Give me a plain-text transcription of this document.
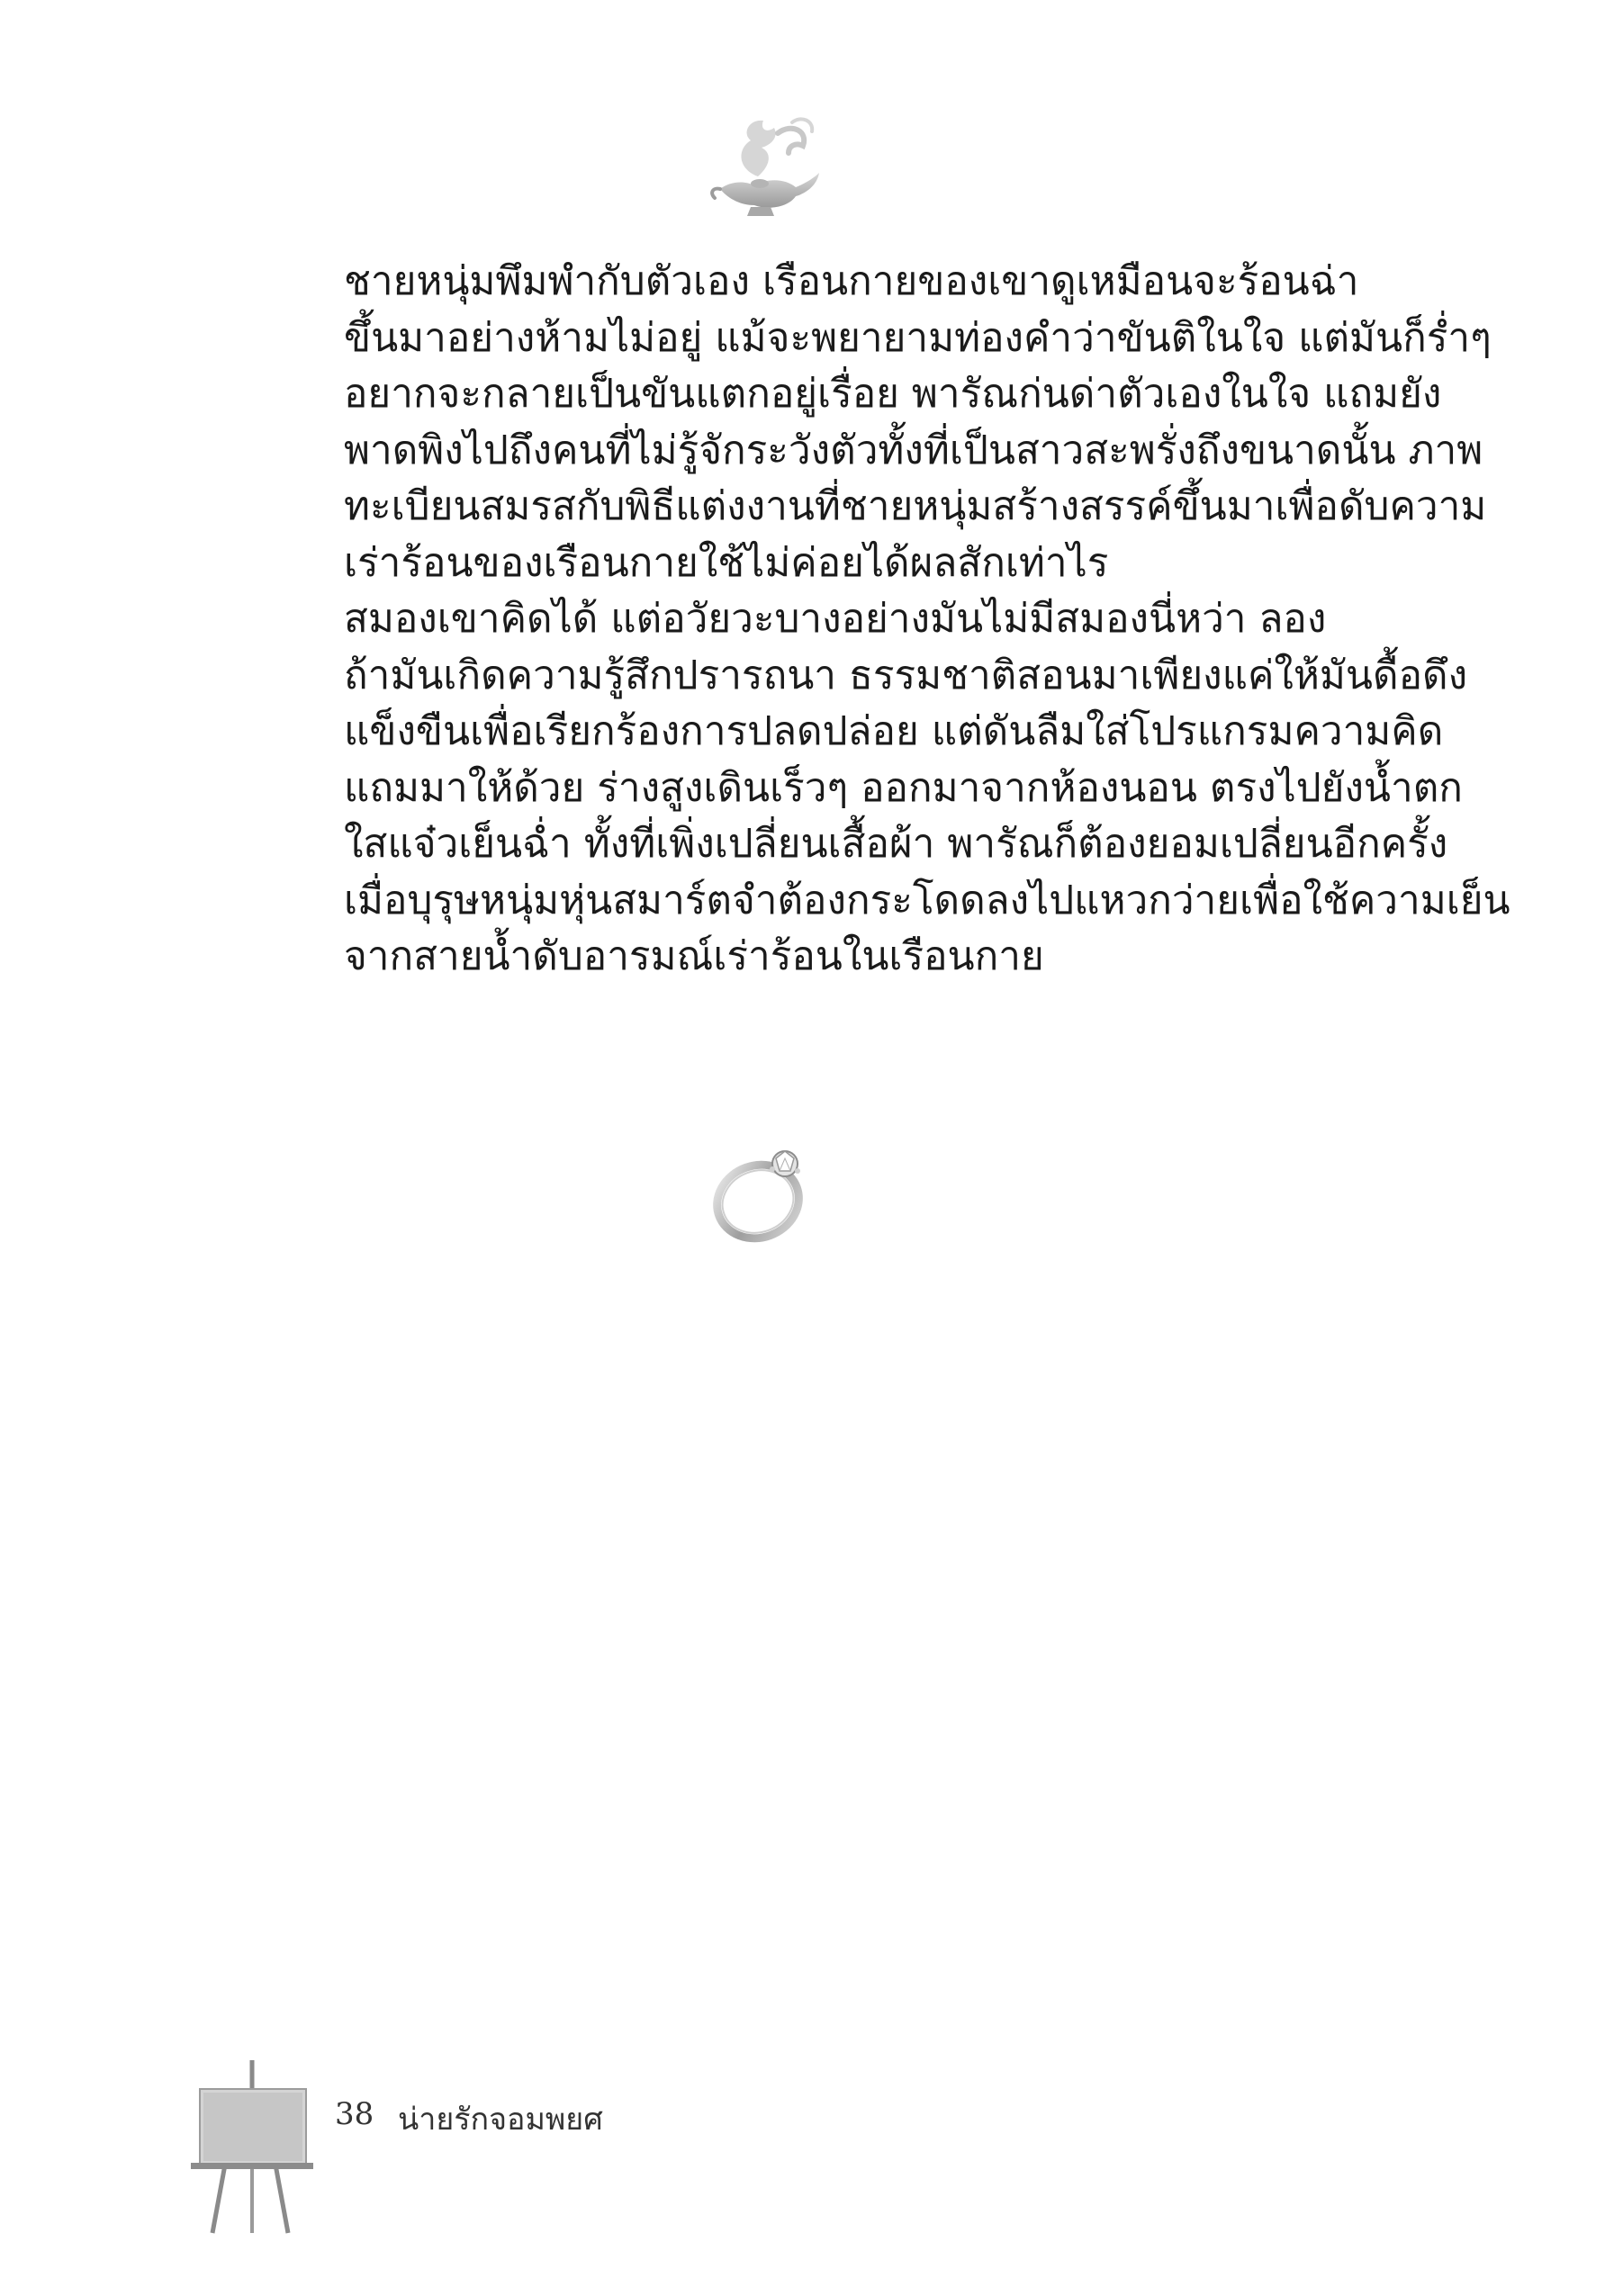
ชายหนุ่มพึมพำกับตัวเอง เรือนกายของเขาดูเหมือนจะร้อนฉ่า
ขึ้นมาอย่างห้ามไม่อยู่ แม้จะพยายามท่องคำว่าขันติในใจ แต่มันก็ร่ำๆ
อยากจะกลายเป็นขันแตกอยู่เรื่อย พารัณก่นด่าตัวเองในใจ แถมยัง
พาดพิงไปถึงคนที่ไม่รู้จักระวังตัวทั้งที่เป็นสาวสะพรั่งถึงขนาดนั้น ภาพ
ทะเบียนสมรสกับพิธีแต่งงานที่ชายหนุ่มสร้างสรรค์ขึ้นมาเพื่อดับความ
เร่าร้อนของเรือนกายใช้ไม่ค่อยได้ผลสักเท่าไร

สมองเขาคิดได้ แต่อวัยวะบางอย่างมันไม่มีสมองนี่หว่า ลอง
ถ้ามันเกิดความรู้สึกปรารถนา ธรรมชาติสอนมาเพียงแค่ให้มันดื้อดึง
แข็งขืนเพื่อเรียกร้องการปลดปล่อย แต่ดันลืมใส่โปรแกรมความคิด
แถมมาให้ด้วย ร่างสูงเดินเร็วๆ ออกมาจากห้องนอน ตรงไปยังน้ำตก
ใสแจ๋วเย็นฉ่ำ ทั้งที่เพิ่งเปลี่ยนเสื้อผ้า พารัณก็ต้องยอมเปลี่ยนอีกครั้ง
เมื่อบุรุษหนุ่มหุ่นสมาร์ตจำต้องกระโดดลงไปแหวกว่ายเพื่อใช้ความเย็น
จากสายน้ำดับอารมณ์เร่าร้อนในเรือนกาย

38 น่ายรักจอมพยศ
